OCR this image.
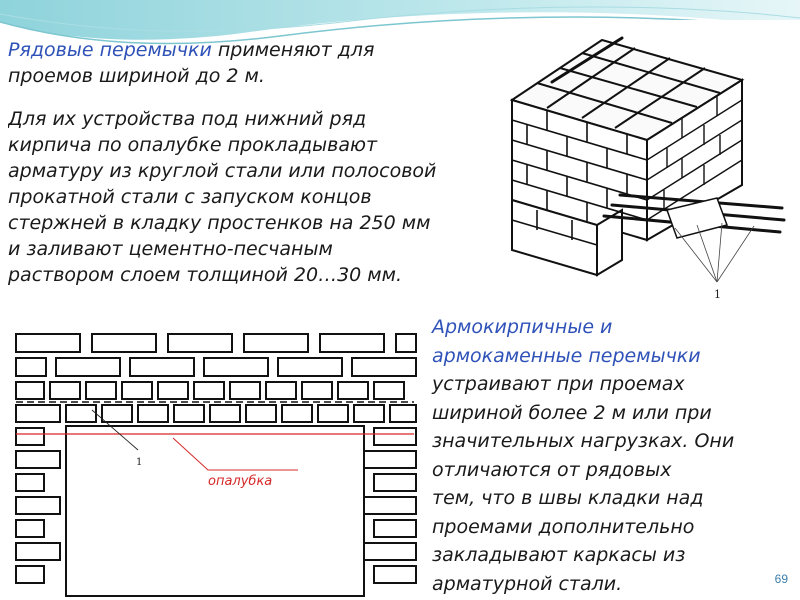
Рядовые перемычки применяют для
проемов шириной до 2 м.
Для их устройства под нижний ряд
кирпича по опалубке прокладывают
арматуру из круглой стали или полосовой
прокатной стали с запуском концов
стержней в кладку простенков на 250 мм
и заливают цементно-песчаным
раствором слоем толщиной 20…30 мм.
1
1
опалубка
Армокирпичные и
армокаменные перемычки
устраивают при проемах
шириной более 2 м или при
значительных нагрузках. Они
отличаются от рядовых
тем, что в швы кладки над
проемами дополнительно
закладывают каркасы из
арматурной стали.	69
